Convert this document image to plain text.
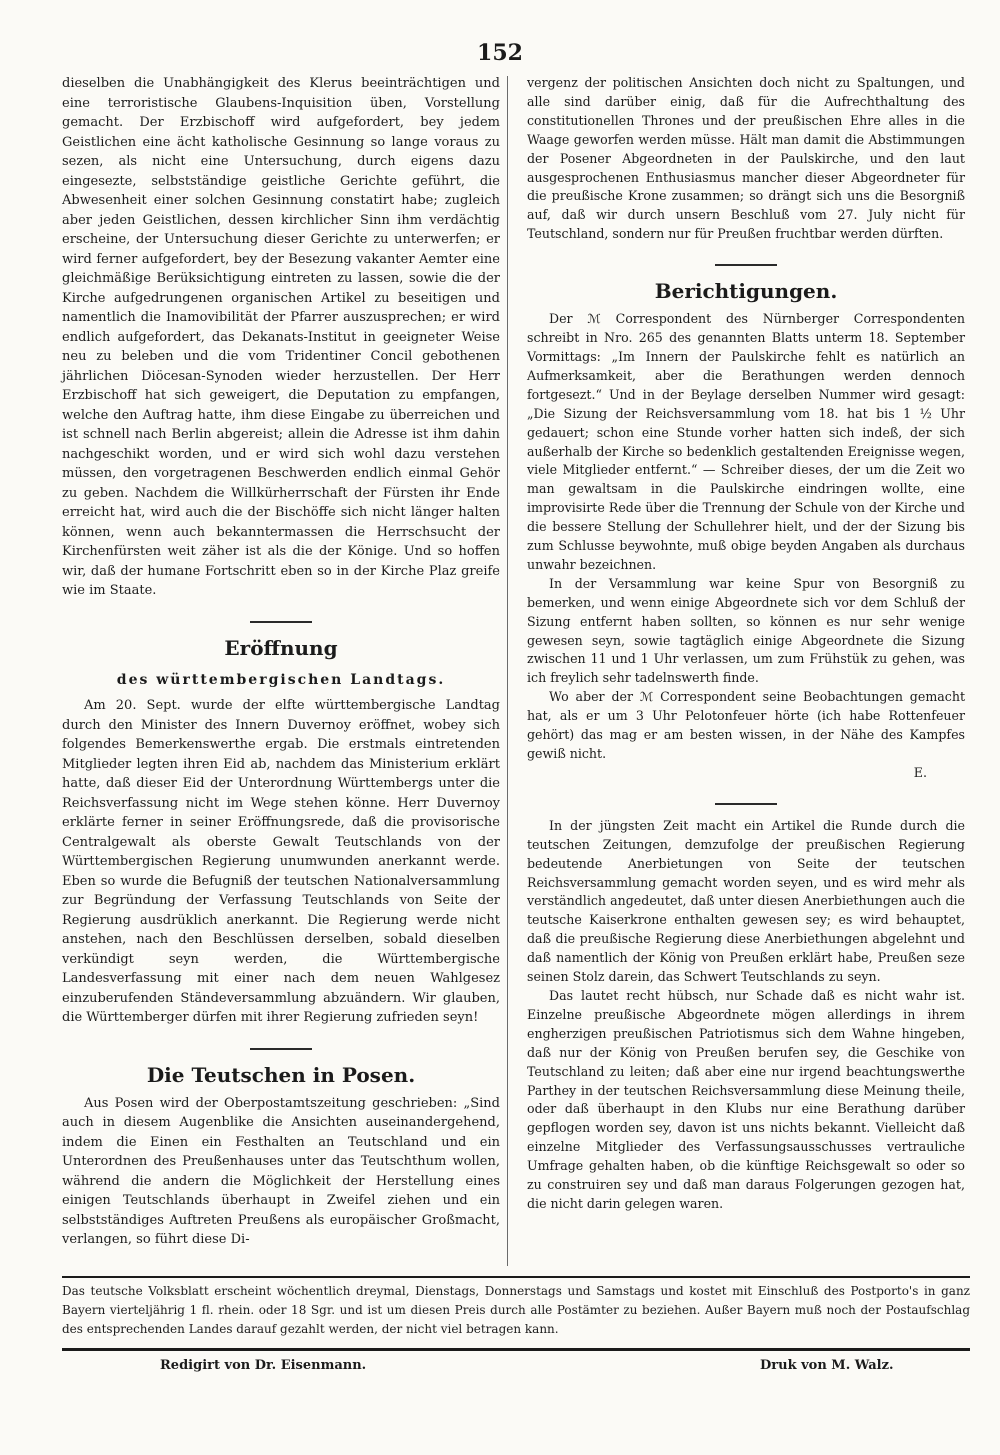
152

dieselben die Unabhängigkeit des Klerus beeinträchtigen und eine terroristische Glaubens-Inquisition üben, Vorstellung gemacht. Der Erzbischoff wird aufgefordert, bey jedem Geistlichen eine ächt katholische Gesinnung so lange voraus zu sezen, als nicht eine Untersuchung, durch eigens dazu eingesezte, selbstständige geistliche Gerichte geführt, die Abwesenheit einer solchen Gesinnung constatirt habe; zugleich aber jeden Geistlichen, dessen kirchlicher Sinn ihm verdächtig erscheine, der Untersuchung dieser Gerichte zu unterwerfen; er wird ferner aufgefordert, bey der Besezung vakanter Aemter eine gleichmäßige Berüksichtigung eintreten zu lassen, sowie die der Kirche aufgedrungenen organischen Artikel zu beseitigen und namentlich die Inamovibilität der Pfarrer auszusprechen; er wird endlich aufgefordert, das Dekanats-Institut in geeigneter Weise neu zu beleben und die vom Tridentiner Concil gebothenen jährlichen Diöcesan-Synoden wieder herzustellen. Der Herr Erzbischoff hat sich geweigert, die Deputation zu empfangen, welche den Auftrag hatte, ihm diese Eingabe zu überreichen und ist schnell nach Berlin abgereist; allein die Adresse ist ihm dahin nachgeschikt worden, und er wird sich wohl dazu verstehen müssen, den vorgetragenen Beschwerden endlich einmal Gehör zu geben. Nachdem die Willkürherrschaft der Fürsten ihr Ende erreicht hat, wird auch die der Bischöffe sich nicht länger halten können, wenn auch bekanntermassen die Herrschsucht der Kirchenfürsten weit zäher ist als die der Könige. Und so hoffen wir, daß der humane Fortschritt eben so in der Kirche Plaz greife wie im Staate.

Eröffnung
des württembergischen Landtags.

Am 20. Sept. wurde der elfte württembergische Landtag durch den Minister des Innern Duvernoy eröffnet, wobey sich folgendes Bemerkenswerthe ergab. Die erstmals eintretenden Mitglieder legten ihren Eid ab, nachdem das Ministerium erklärt hatte, daß dieser Eid der Unterordnung Württembergs unter die Reichsverfassung nicht im Wege stehen könne. Herr Duvernoy erklärte ferner in seiner Eröffnungsrede, daß die provisorische Centralgewalt als oberste Gewalt Teutschlands von der Württembergischen Regierung unumwunden anerkannt werde. Eben so wurde die Befugniß der teutschen Nationalversammlung zur Begründung der Verfassung Teutschlands von Seite der Regierung ausdrüklich anerkannt. Die Regierung werde nicht anstehen, nach den Beschlüssen derselben, sobald dieselben verkündigt seyn werden, die Württembergische Landesverfassung mit einer nach dem neuen Wahlgesez einzuberufenden Ständeversammlung abzuändern. Wir glauben, die Württemberger dürfen mit ihrer Regierung zufrieden seyn!

Die Teutschen in Posen.

Aus Posen wird der Oberpostamtszeitung geschrieben: „Sind auch in diesem Augenblike die Ansichten auseinandergehend, indem die Einen ein Festhalten an Teutschland und ein Unterordnen des Preußenhauses unter das Teutschthum wollen, während die andern die Möglichkeit der Herstellung eines einigen Teutschlands überhaupt in Zweifel ziehen und ein selbstständiges Auftreten Preußens als europäischer Großmacht, verlangen, so führt diese Di-

vergenz der politischen Ansichten doch nicht zu Spaltungen, und alle sind darüber einig, daß für die Aufrechthaltung des constitutionellen Thrones und der preußischen Ehre alles in die Waage geworfen werden müsse. Hält man damit die Abstimmungen der Posener Abgeordneten in der Paulskirche, und den laut ausgesprochenen Enthusiasmus mancher dieser Abgeordneter für die preußische Krone zusammen; so drängt sich uns die Besorgniß auf, daß wir durch unsern Beschluß vom 27. July nicht für Teutschland, sondern nur für Preußen fruchtbar werden dürften.

Berichtigungen.

Der ℳ Correspondent des Nürnberger Correspondenten schreibt in Nro. 265 des genannten Blatts unterm 18. September Vormittags: „Im Innern der Paulskirche fehlt es natürlich an Aufmerksamkeit, aber die Berathungen werden dennoch fortgesezt.“ Und in der Beylage derselben Nummer wird gesagt: „Die Sizung der Reichsversammlung vom 18. hat bis 1 ½ Uhr gedauert; schon eine Stunde vorher hatten sich indeß, der sich außerhalb der Kirche so bedenklich gestaltenden Ereignisse wegen, viele Mitglieder entfernt.“ — Schreiber dieses, der um die Zeit wo man gewaltsam in die Paulskirche eindringen wollte, eine improvisirte Rede über die Trennung der Schule von der Kirche und die bessere Stellung der Schullehrer hielt, und der der Sizung bis zum Schlusse beywohnte, muß obige beyden Angaben als durchaus unwahr bezeichnen.

In der Versammlung war keine Spur von Besorgniß zu bemerken, und wenn einige Abgeordnete sich vor dem Schluß der Sizung entfernt haben sollten, so können es nur sehr wenige gewesen seyn, sowie tagtäglich einige Abgeordnete die Sizung zwischen 11 und 1 Uhr verlassen, um zum Frühstük zu gehen, was ich freylich sehr tadelnswerth finde.

Wo aber der ℳ Correspondent seine Beobachtungen gemacht hat, als er um 3 Uhr Pelotonfeuer hörte (ich habe Rottenfeuer gehört) das mag er am besten wissen, in der Nähe des Kampfes gewiß nicht.

E.

In der jüngsten Zeit macht ein Artikel die Runde durch die teutschen Zeitungen, demzufolge der preußischen Regierung bedeutende Anerbietungen von Seite der teutschen Reichsversammlung gemacht worden seyen, und es wird mehr als verständlich angedeutet, daß unter diesen Anerbiethungen auch die teutsche Kaiserkrone enthalten gewesen sey; es wird behauptet, daß die preußische Regierung diese Anerbiethungen abgelehnt und daß namentlich der König von Preußen erklärt habe, Preußen seze seinen Stolz darein, das Schwert Teutschlands zu seyn.

Das lautet recht hübsch, nur Schade daß es nicht wahr ist. Einzelne preußische Abgeordnete mögen allerdings in ihrem engherzigen preußischen Patriotismus sich dem Wahne hingeben, daß nur der König von Preußen berufen sey, die Geschike von Teutschland zu leiten; daß aber eine nur irgend beachtungswerthe Parthey in der teutschen Reichsversammlung diese Meinung theile, oder daß überhaupt in den Klubs nur eine Berathung darüber gepflogen worden sey, davon ist uns nichts bekannt. Vielleicht daß einzelne Mitglieder des Verfassungsausschusses vertrauliche Umfrage gehalten haben, ob die künftige Reichsgewalt so oder so zu construiren sey und daß man daraus Folgerungen gezogen hat, die nicht darin gelegen waren.

Das teutsche Volksblatt erscheint wöchentlich dreymal, Dienstags, Donnerstags und Samstags und kostet mit Einschluß des Postporto's in ganz Bayern vierteljährig 1 fl. rhein. oder 18 Sgr. und ist um diesen Preis durch alle Postämter zu beziehen. Außer Bayern muß noch der Postaufschlag des entsprechenden Landes darauf gezahlt werden, der nicht viel betragen kann.
Redigirt von Dr. Eisenmann.	Druk von M. Walz.
